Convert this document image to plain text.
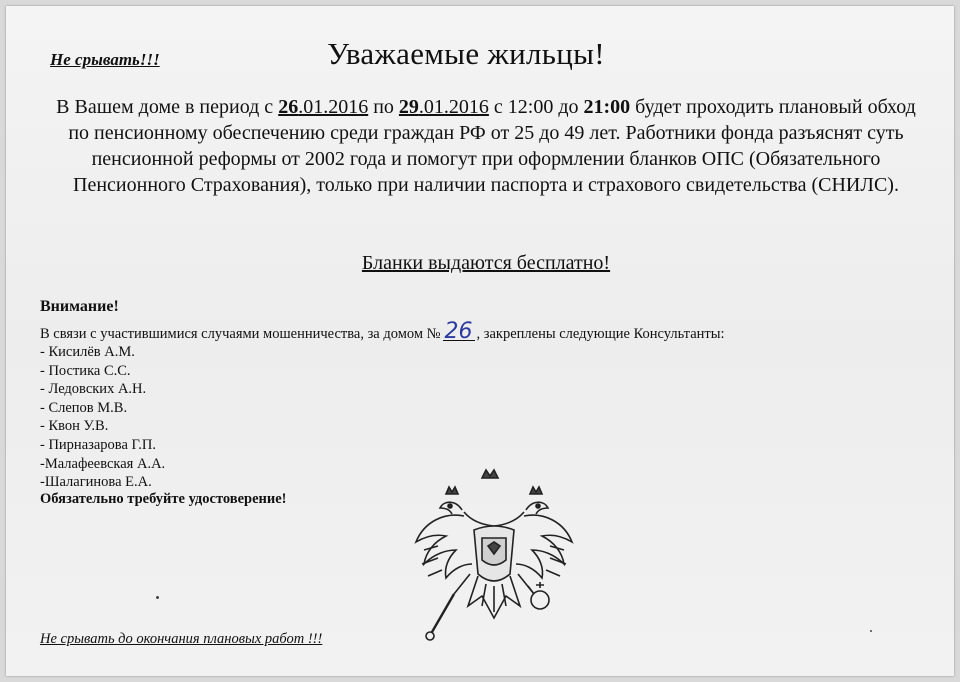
Не срывать!!!	Уважаемые жильцы!
В Вашем доме в период с 26.01.2016 по 29.01.2016 с 12:00 до 21:00 будет проходить плановый обход по пенсионному обеспечению среди граждан РФ от 25 до 49 лет. Работники фонда разъяснят суть пенсионной реформы от 2002 года и помогут при оформлении бланков ОПС (Обязательного Пенсионного Страхования), только при наличии паспорта и страхового свидетельства (СНИЛС).
Бланки выдаются бесплатно!
Внимание!
В связи с участившимися случаями мошенничества, за домом № 26 , закреплены следующие Консультанты:
- Кисилёв А.М.
- Постика С.С.
- Ледовских А.Н.
- Слепов М.В.
- Квон У.В.
- Пирназарова Г.П.
-Малафеевская А.А.
-Шалагинова Е.А.
Обязательно требуйте удостоверение!
Не срывать до окончания плановых работ !!!
